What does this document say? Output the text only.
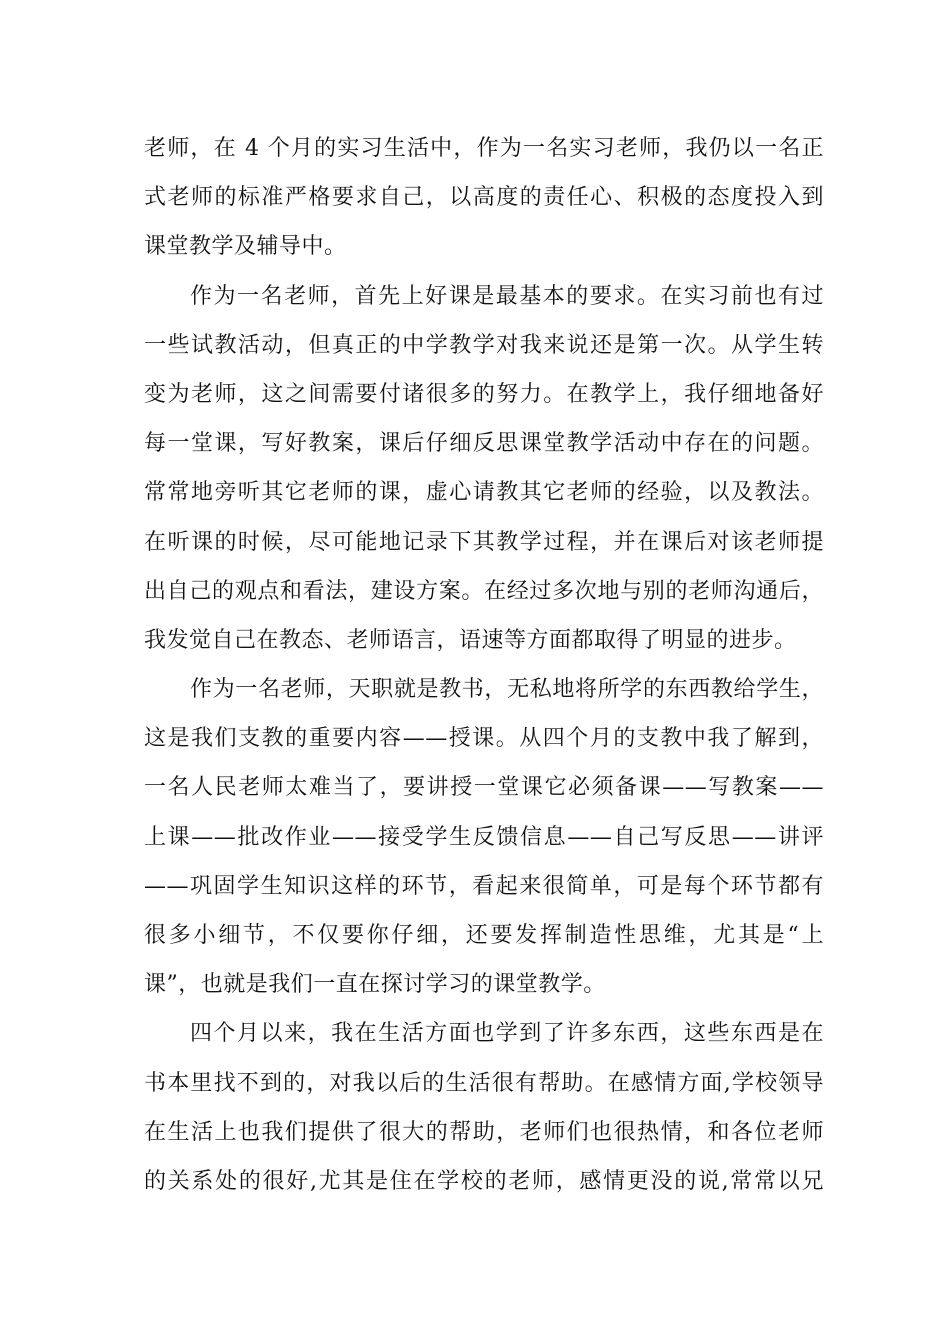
老师，在 4 个月的实习生活中，作为一名实习老师，我仍以一名正
式老师的标准严格要求自己，以高度的责任心、积极的态度投入到
课堂教学及辅导中。
作为一名老师，首先上好课是最基本的要求。在实习前也有过
一些试教活动，但真正的中学教学对我来说还是第一次。从学生转
变为老师，这之间需要付诸很多的努力。在教学上，我仔细地备好
每一堂课，写好教案，课后仔细反思课堂教学活动中存在的问题。
常常地旁听其它老师的课，虚心请教其它老师的经验，以及教法。
在听课的时候，尽可能地记录下其教学过程，并在课后对该老师提
出自己的观点和看法，建设方案。在经过多次地与别的老师沟通后，
我发觉自己在教态、老师语言，语速等方面都取得了明显的进步。
作为一名老师，天职就是教书，无私地将所学的东西教给学生，
这是我们支教的重要内容——授课。从四个月的支教中我了解到，
一名人民老师太难当了，要讲授一堂课它必须备课——写教案——
上课——批改作业——接受学生反馈信息——自己写反思——讲评
——巩固学生知识这样的环节，看起来很简单，可是每个环节都有
很多小细节，不仅要你仔细，还要发挥制造性思维，尤其是“上
课”，也就是我们一直在探讨学习的课堂教学。
四个月以来，我在生活方面也学到了许多东西，这些东西是在
书本里找不到的，对我以后的生活很有帮助。在感情方面,学校领导
在生活上也我们提供了很大的帮助，老师们也很热情，和各位老师
的关系处的很好,尤其是住在学校的老师，感情更没的说,常常以兄
